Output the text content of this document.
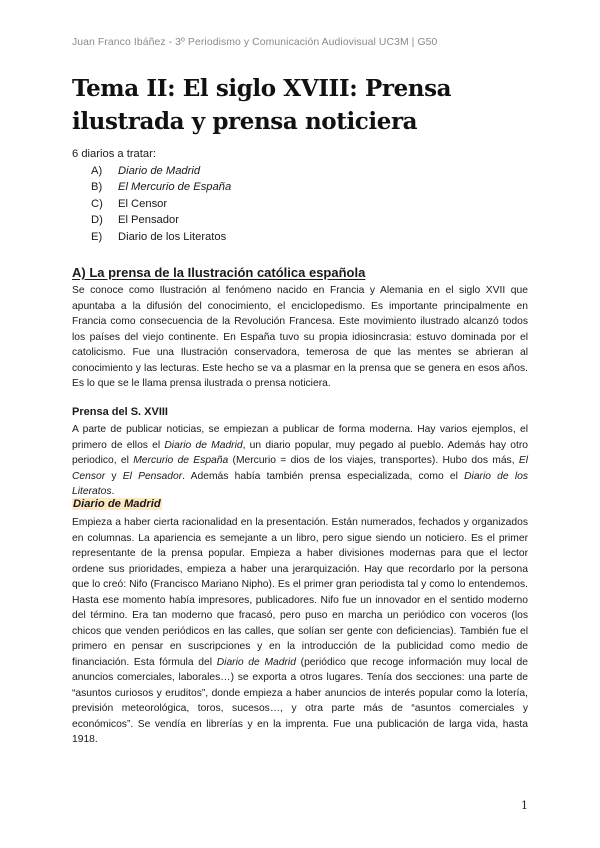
Juan Franco Ibáñez - 3º Periodismo y Comunicación Audiovisual UC3M | G50
Tema II: El siglo XVIII: Prensa ilustrada y prensa noticiera
6 diarios a tratar:
A) Diario de Madrid
B) El Mercurio de España
C) El Censor
D) El Pensador
E) Diario de los Literatos
A) La prensa de la Ilustración católica española

Se conoce como Ilustración al fenómeno nacido en Francia y Alemania en el siglo XVII que apuntaba a la difusión del conocimiento, el enciclopedismo. Es importante principalmente en Francia como consecuencia de la Revolución Francesa. Este movimiento ilustrado alcanzó todos los países del viejo continente. En España tuvo su propia idiosincrasia: estuvo dominada por el catolicismo. Fue una Ilustración conservadora, temerosa de que las mentes se abrieran al conocimiento y las lecturas. Este hecho se va a plasmar en la prensa que se genera en esos años. Es lo que se le llama prensa ilustrada o prensa noticiera.

Prensa del S. XVIII

A parte de publicar noticias, se empiezan a publicar de forma moderna. Hay varios ejemplos, el primero de ellos el Diario de Madrid, un diario popular, muy pegado al pueblo. Además hay otro periodico, el Mercurio de España (Mercurio = dios de los viajes, transportes). Hubo dos más, El Censor y El Pensador. Además había también prensa especializada, como el Diario de los Literatos.

Diario de Madrid

Empieza a haber cierta racionalidad en la presentación. Están numerados, fechados y organizados en columnas. La apariencia es semejante a un libro, pero sigue siendo un noticiero. Es el primer representante de la prensa popular. Empieza a haber divisiones modernas para que el lector ordene sus prioridades, empieza a haber una jerarquización. Hay que recordarlo por la persona que lo creó: Nifo (Francisco Mariano Nipho). Es el primer gran periodista tal y como lo entendemos. Hasta ese momento había impresores, publicadores. Nifo fue un innovador en el sentido moderno del término. Era tan moderno que fracasó, pero puso en marcha un periódico con voceros (los chicos que venden periódicos en las calles, que solían ser gente con deficiencias). También fue el primero en pensar en suscripciones y en la introducción de la publicidad como medio de financiación. Esta fórmula del Diario de Madrid (periódico que recoge información muy local de anuncios comerciales, laborales…) se exporta a otros lugares. Tenía dos secciones: una parte de “asuntos curiosos y eruditos”, donde empieza a haber anuncios de interés popular como la lotería, previsión meteorológica, toros, sucesos…, y otra parte más de “asuntos comerciales y económicos”. Se vendía en librerías y en la imprenta. Fue una publicación de larga vida, hasta 1918.

1
